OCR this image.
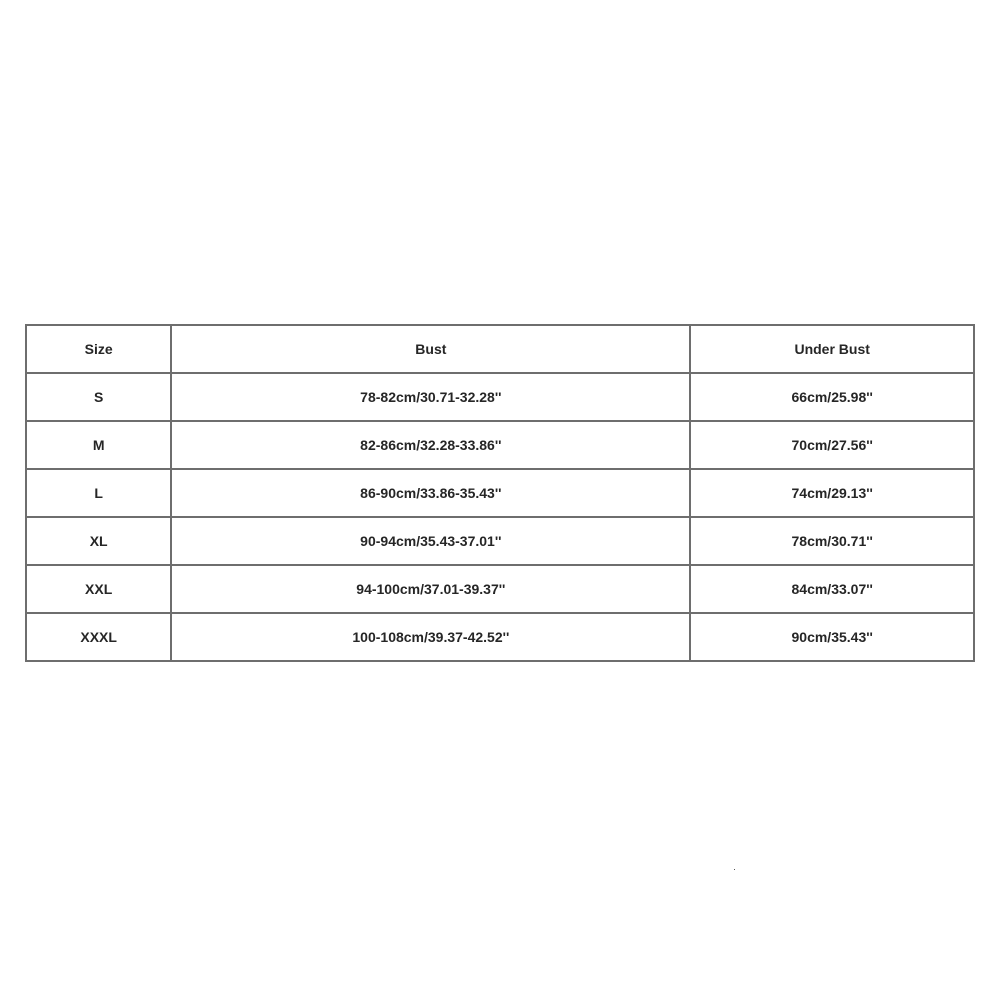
Size	Bust	Under Bust
S	78-82cm/30.71-32.28''	66cm/25.98''
M	82-86cm/32.28-33.86''	70cm/27.56''
L	86-90cm/33.86-35.43''	74cm/29.13''
XL	90-94cm/35.43-37.01''	78cm/30.71''
XXL	94-100cm/37.01-39.37''	84cm/33.07''
XXXL	100-108cm/39.37-42.52''	90cm/35.43''
